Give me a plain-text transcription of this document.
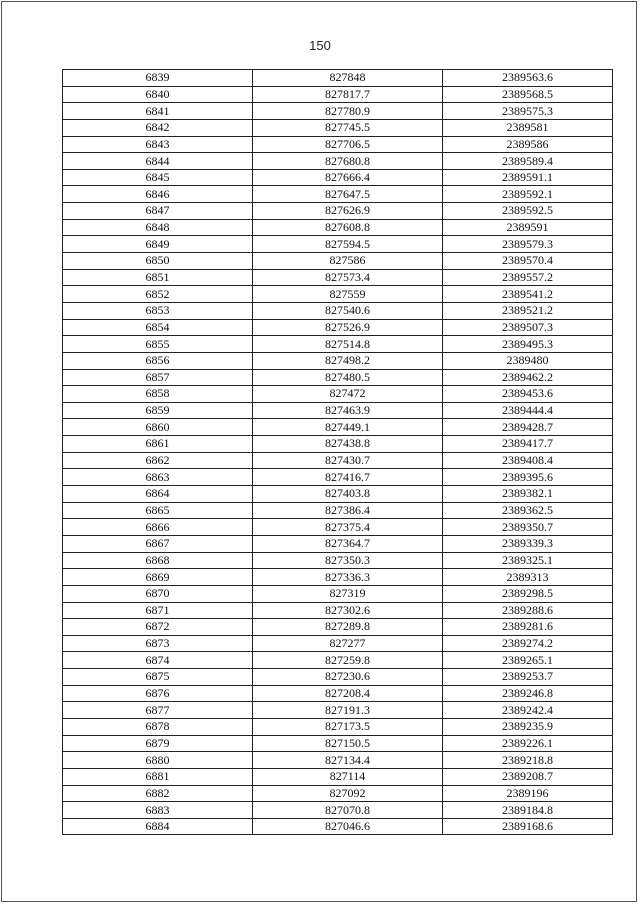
150
6839	827848	2389563.6
6840	827817.7	2389568.5
6841	827780.9	2389575.3
6842	827745.5	2389581
6843	827706.5	2389586
6844	827680.8	2389589.4
6845	827666.4	2389591.1
6846	827647.5	2389592.1
6847	827626.9	2389592.5
6848	827608.8	2389591
6849	827594.5	2389579.3
6850	827586	2389570.4
6851	827573.4	2389557.2
6852	827559	2389541.2
6853	827540.6	2389521.2
6854	827526.9	2389507.3
6855	827514.8	2389495.3
6856	827498.2	2389480
6857	827480.5	2389462.2
6858	827472	2389453.6
6859	827463.9	2389444.4
6860	827449.1	2389428.7
6861	827438.8	2389417.7
6862	827430.7	2389408.4
6863	827416.7	2389395.6
6864	827403.8	2389382.1
6865	827386.4	2389362.5
6866	827375.4	2389350.7
6867	827364.7	2389339.3
6868	827350.3	2389325.1
6869	827336.3	2389313
6870	827319	2389298.5
6871	827302.6	2389288.6
6872	827289.8	2389281.6
6873	827277	2389274.2
6874	827259.8	2389265.1
6875	827230.6	2389253.7
6876	827208.4	2389246.8
6877	827191.3	2389242.4
6878	827173.5	2389235.9
6879	827150.5	2389226.1
6880	827134.4	2389218.8
6881	827114	2389208.7
6882	827092	2389196
6883	827070.8	2389184.8
6884	827046.6	2389168.6
